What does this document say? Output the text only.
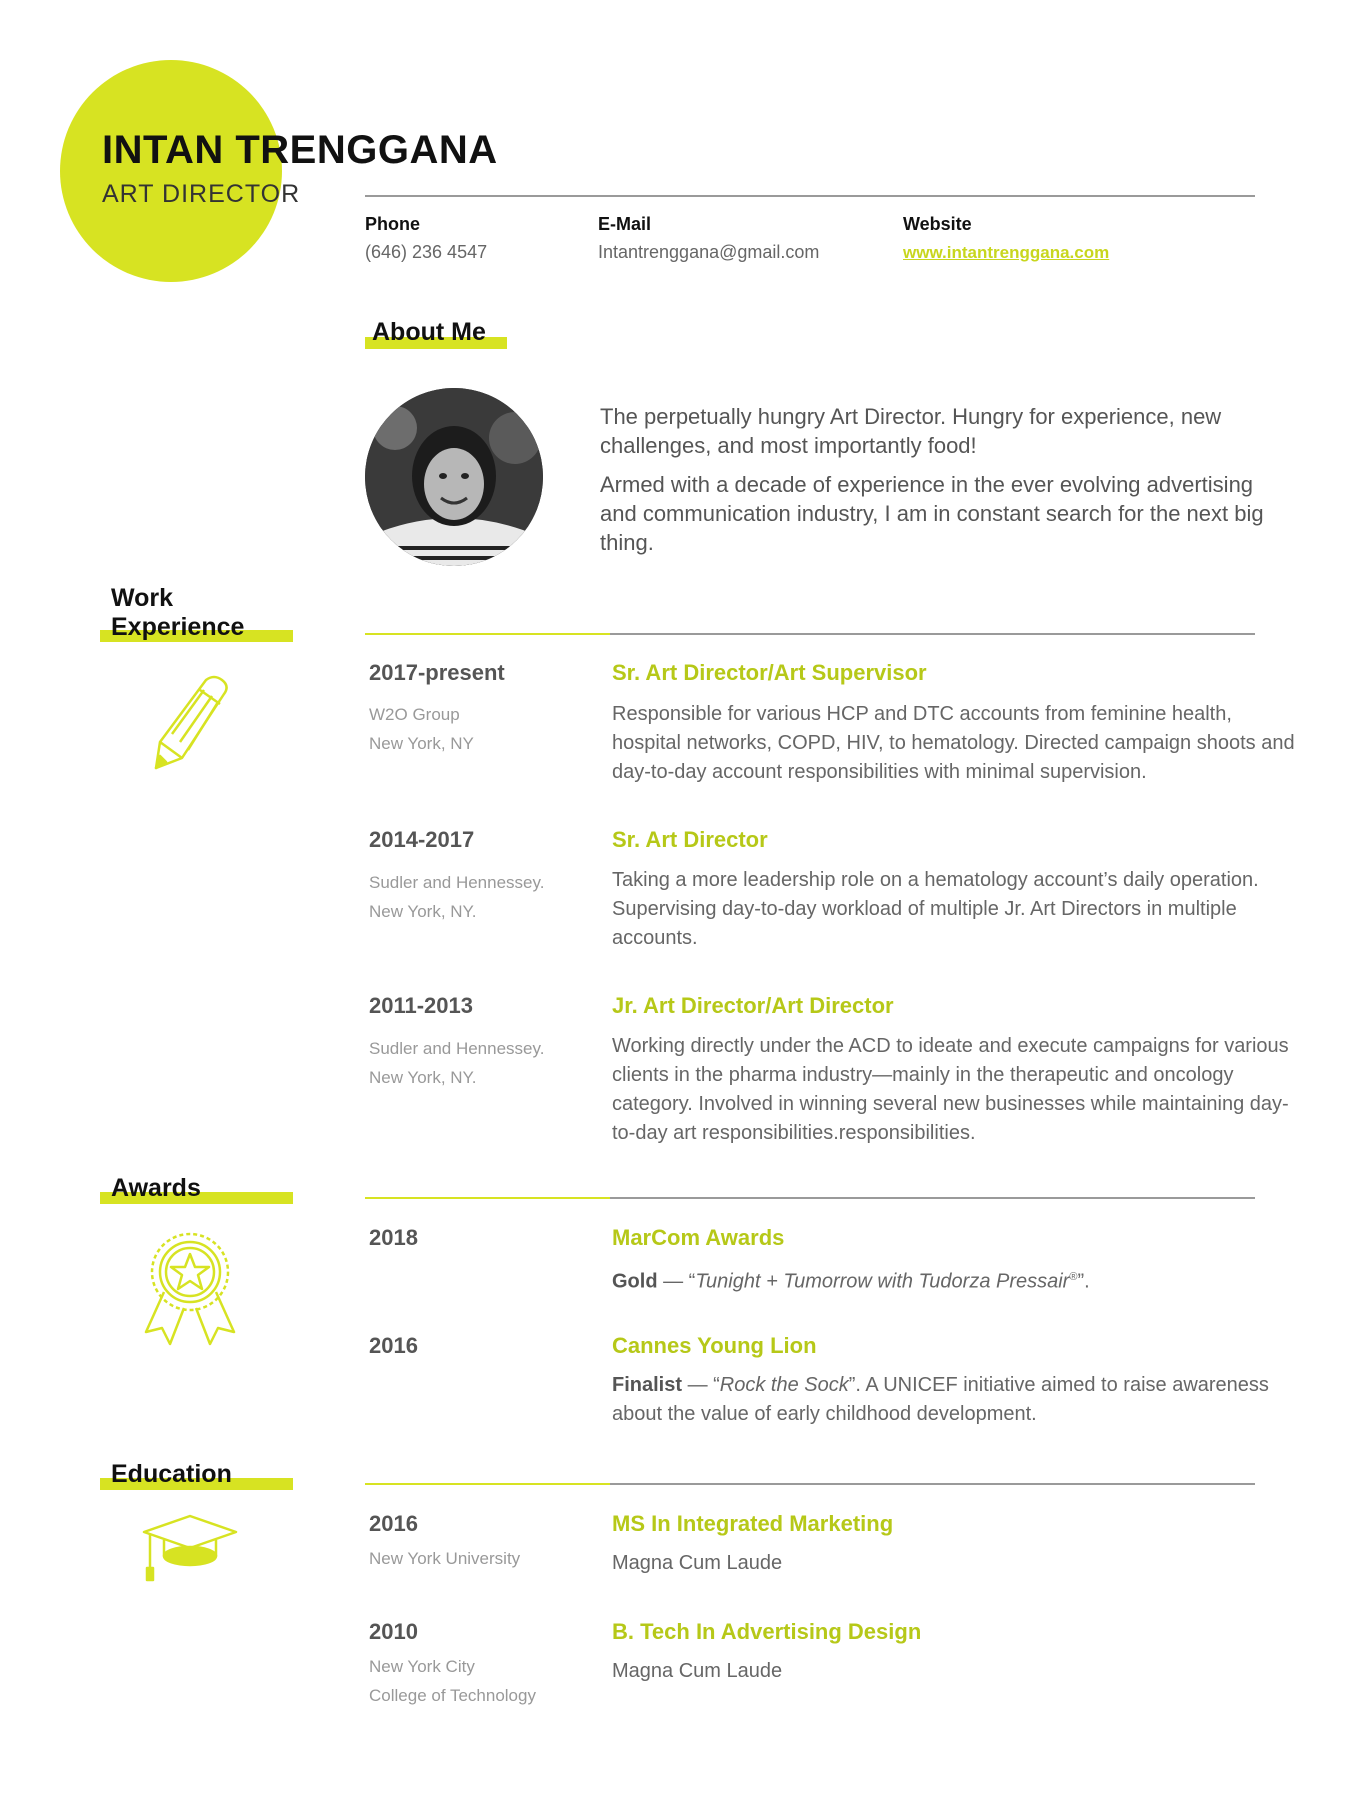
INTAN TRENGGANA
ART DIRECTOR
Phone
(646) 236 4547
E-Mail
Intantrenggana@gmail.com
Website
www.intantrenggana.com
About Me
The perpetually hungry Art Director. Hungry for experience, new challenges, and most importantly food!
Armed with a decade of experience in the ever evolving advertising and communication industry, I am in constant search for the next big thing.
Work
Experience
2017-present
W2O Group
New York, NY
Sr. Art Director/Art Supervisor
Responsible for various HCP and DTC accounts from feminine health, hospital networks, COPD, HIV, to hematology. Directed campaign shoots and day-to-day account responsibilities with minimal supervision.
2014-2017
Sudler and Hennessey.
New York, NY.
Sr. Art Director
Taking a more leadership role on a hematology account’s daily operation. Supervising day-to-day workload of multiple Jr. Art Directors in multiple accounts.
2011-2013
Sudler and Hennessey.
New York, NY.
Jr. Art Director/Art Director
Working directly under the ACD to ideate and execute campaigns for various clients in the pharma industry—mainly in the therapeutic and oncology category. Involved in winning several new businesses while maintaining day-to-day art responsibilities.responsibilities.
Awards
2018	MarCom Awards
Gold — “Tunight + Tumorrow with Tudorza Pressair®”.
2016	Cannes Young Lion
Finalist — “Rock the Sock”. A UNICEF initiative aimed to raise awareness about the value of early childhood development.
Education
2016
New York University
MS In Integrated Marketing
Magna Cum Laude
2010
New York City
College of Technology
B. Tech In Advertising Design
Magna Cum Laude
